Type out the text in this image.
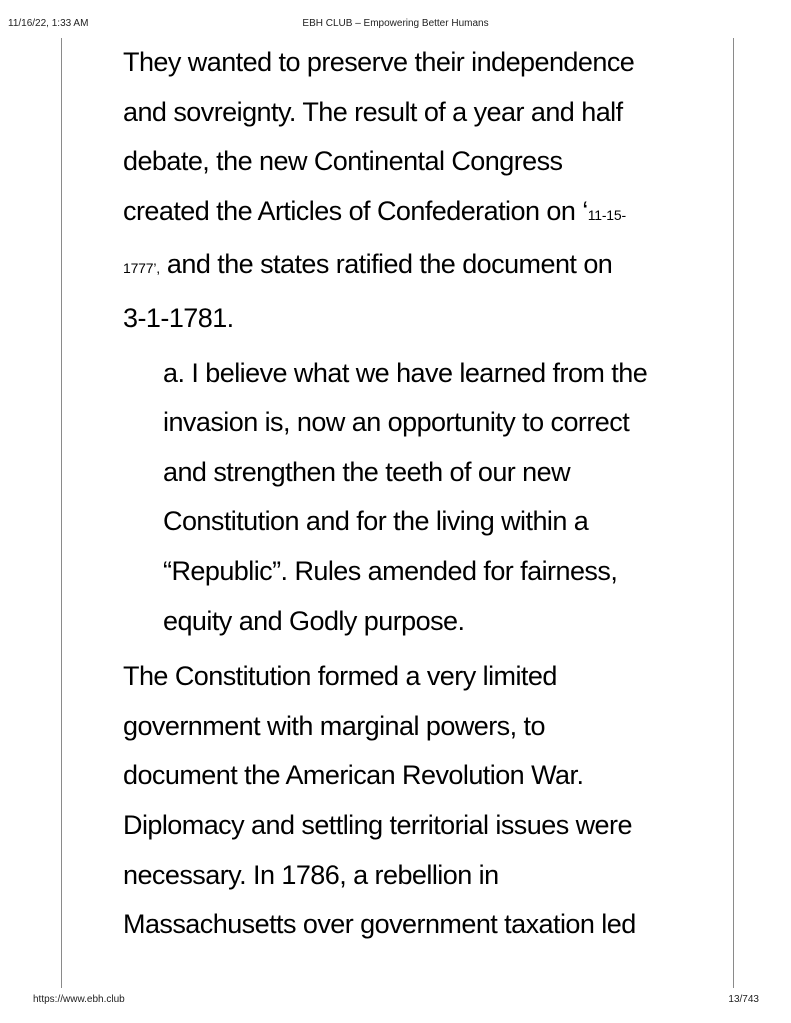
11/16/22, 1:33 AM	EBH CLUB – Empowering Better Humans
They wanted to preserve their independence
and sovreignty. The result of a year and half
debate, the new Continental Congress
created the Articles of Confederation on ‘11-15-
1777’, and the states ratified the document on
3-1-1781.
a. I believe what we have learned from the
invasion is, now an opportunity to correct
and strengthen the teeth of our new
Constitution and for the living within a
“Republic”. Rules amended for fairness,
equity and Godly purpose.
The Constitution formed a very limited
government with marginal powers, to
document the American Revolution War.
Diplomacy and settling territorial issues were
necessary. In 1786, a rebellion in
Massachusetts over government taxation led
https://www.ebh.club	13/743
